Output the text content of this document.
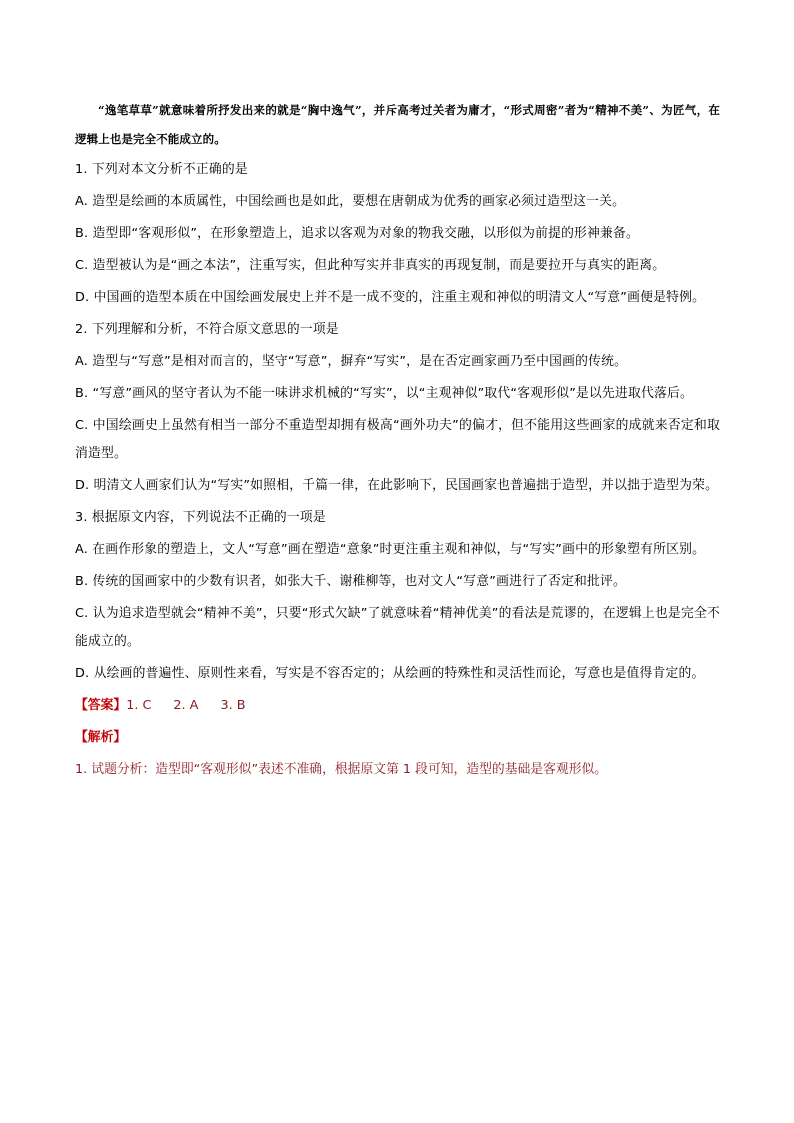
“逸笔草草”就意味着所抒发出来的就是“胸中逸气”，并斥高考过关者为庸才，“形式周密”者为“精神不美”、为匠气，在逻辑上也是完全不能成立的。

1. 下列对本文分析不正确的是

A. 造型是绘画的本质属性，中国绘画也是如此，要想在唐朝成为优秀的画家必须过造型这一关。

B. 造型即“客观形似”，在形象塑造上，追求以客观为对象的物我交融，以形似为前提的形神兼备。

C. 造型被认为是“画之本法”，注重写实，但此种写实并非真实的再现复制，而是要拉开与真实的距离。

D. 中国画的造型本质在中国绘画发展史上并不是一成不变的，注重主观和神似的明清文人“写意”画便是特例。

2. 下列理解和分析，不符合原文意思的一项是

A. 造型与“写意”是相对而言的，坚守“写意”，摒弃“写实”，是在否定画家画乃至中国画的传统。

B. “写意”画风的坚守者认为不能一味讲求机械的“写实”，以“主观神似”取代“客观形似”是以先进取代落后。

C. 中国绘画史上虽然有相当一部分不重造型却拥有极高“画外功夫”的偏才，但不能用这些画家的成就来否定和取消造型。

D. 明清文人画家们认为“写实”如照相，千篇一律，在此影响下，民国画家也普遍拙于造型，并以拙于造型为荣。

3. 根据原文内容，下列说法不正确的一项是

A. 在画作形象的塑造上，文人“写意”画在塑造“意象”时更注重主观和神似，与“写实”画中的形象塑有所区别。

B. 传统的国画家中的少数有识者，如张大千、谢稚柳等，也对文人“写意”画进行了否定和批评。

C. 认为追求造型就会“精神不美”，只要“形式欠缺”了就意味着“精神优美”的看法是荒谬的，在逻辑上也是完全不能成立的。

D. 从绘画的普遍性、原则性来看，写实是不容否定的；从绘画的特殊性和灵活性而论，写意也是值得肯定的。

【答案】1. C 2. A 3. B

【解析】

1. 试题分析：造型即“客观形似”表述不准确，根据原文第 1 段可知，造型的基础是客观形似。
